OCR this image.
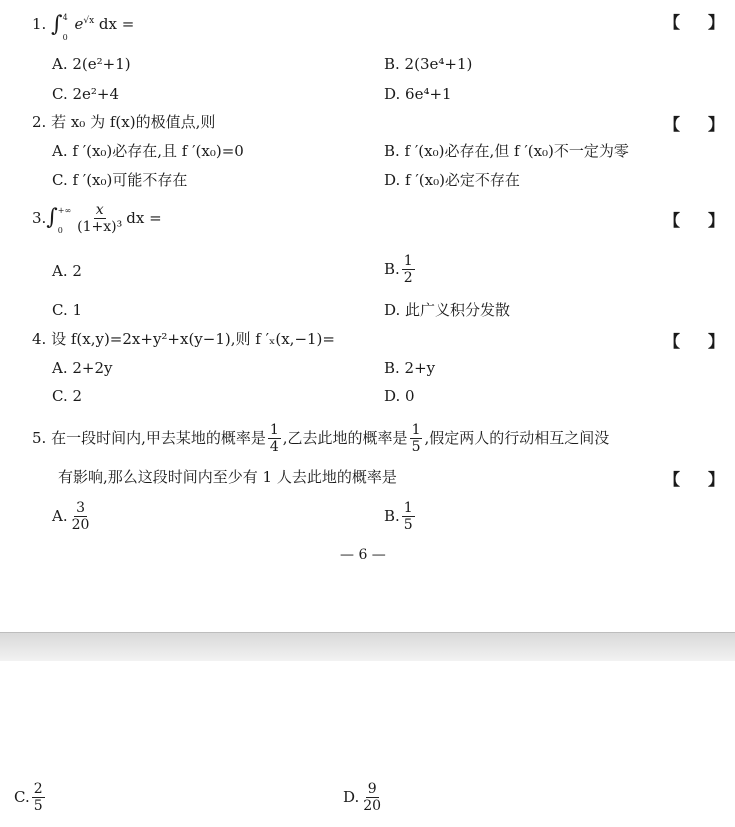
1. ∫ 4
0
$e^{√x}$ dx =	【 】
A. 2(e²+1)	B. 2(3e⁴+1)
C. 2e²+4	D. 6e⁴+1
2. 若 x₀ 为 f(x)的极值点,则	【 】
A. f ′(x₀)必存在,且 f ′(x₀)=0	B. f ′(x₀)必存在,但 f ′(x₀)不一定为零
C. f ′(x₀)可能不存在	D. f ′(x₀)必定不存在
3. ∫ +∞
$0 \frac{x}{\text{(1+x)³}}$ dx =	【 】
A. 2	B. $\frac{1}{2}$
C. 1	D. 此广义积分发散
4. 设 f(x,y)=2x+y²+x(y−1),则 f ′ₓ(x,−1)=	【 】
A. 2+2y	B. 2+y
C. 2	D. 0
5. 在一段时间内,甲去某地的概率是 $\frac{1}{4}$ ,乙去此地的概率是 $\frac{1}{5}$ ,假定两人的行动相互之间没
有影响,那么这段时间内至少有 1 人去此地的概率是	【 】
A. $\frac{3}{20}$	B. $\frac{1}{5}$
— 6 —
C. $\frac{2}{5}$	D. $\frac{9}{20}$
